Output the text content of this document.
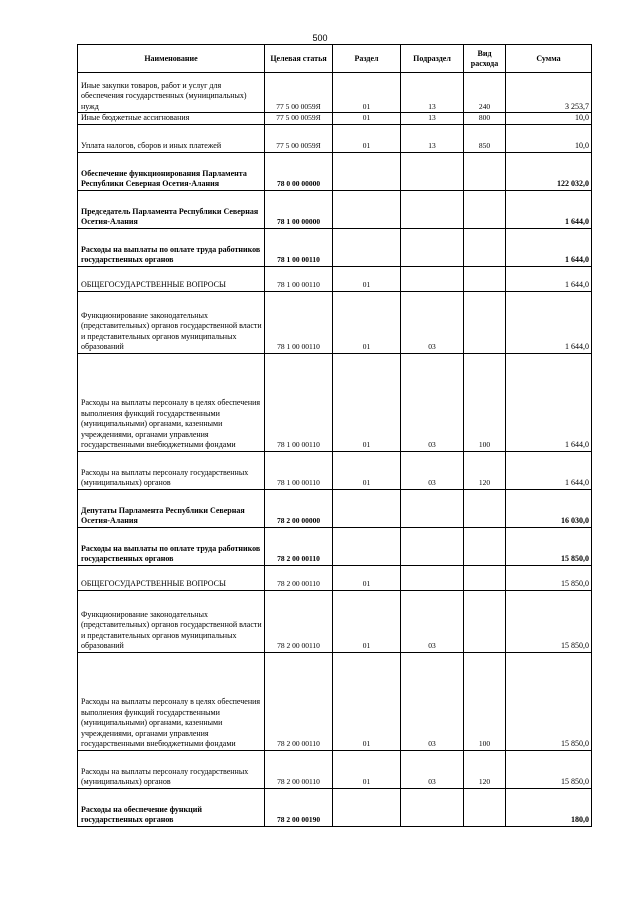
500
Наименование	Целевая статья	Раздел	Подраздел	Вид расхода	Сумма
Иные закупки товаров, работ и услуг для обеспечения государственных (муниципальных) нужд	77 5 00 0059Я	01	13	240	3 253,7
Иные бюджетные ассигнования	77 5 00 0059Я	01	13	800	10,0
Уплата налогов, сборов и иных платежей	77 5 00 0059Я	01	13	850	10,0
Обеспечение функционирования Парламента Республики Северная Осетия-Алания	78 0 00 00000				122 032,0
Председатель Парламента Республики Северная Осетия-Алания	78 1 00 00000				1 644,0
Расходы на выплаты по оплате труда работников государственных органов	78 1 00 00110				1 644,0
ОБЩЕГОСУДАРСТВЕННЫЕ ВОПРОСЫ	78 1 00 00110	01			1 644,0
Функционирование законодательных (представительных) органов государственной власти и представительных органов муниципальных образований	78 1 00 00110	01	03		1 644,0
Расходы на выплаты персоналу в целях обеспечения выполнения функций государственными (муниципальными) органами, казенными учреждениями, органами управления государственными внебюджетными фондами	78 1 00 00110	01	03	100	1 644,0
Расходы на выплаты персоналу государственных (муниципальных) органов	78 1 00 00110	01	03	120	1 644,0
Депутаты Парламента Республики Северная Осетия-Алания	78 2 00 00000				16 030,0
Расходы на выплаты по оплате труда работников государственных органов	78 2 00 00110				15 850,0
ОБЩЕГОСУДАРСТВЕННЫЕ ВОПРОСЫ	78 2 00 00110	01			15 850,0
Функционирование законодательных (представительных) органов государственной власти и представительных органов муниципальных образований	78 2 00 00110	01	03		15 850,0
Расходы на выплаты персоналу в целях обеспечения выполнения функций государственными (муниципальными) органами, казенными учреждениями, органами управления государственными внебюджетными фондами	78 2 00 00110	01	03	100	15 850,0
Расходы на выплаты персоналу государственных (муниципальных) органов	78 2 00 00110	01	03	120	15 850,0
Расходы на обеспечение функций государственных органов	78 2 00 00190				180,0
